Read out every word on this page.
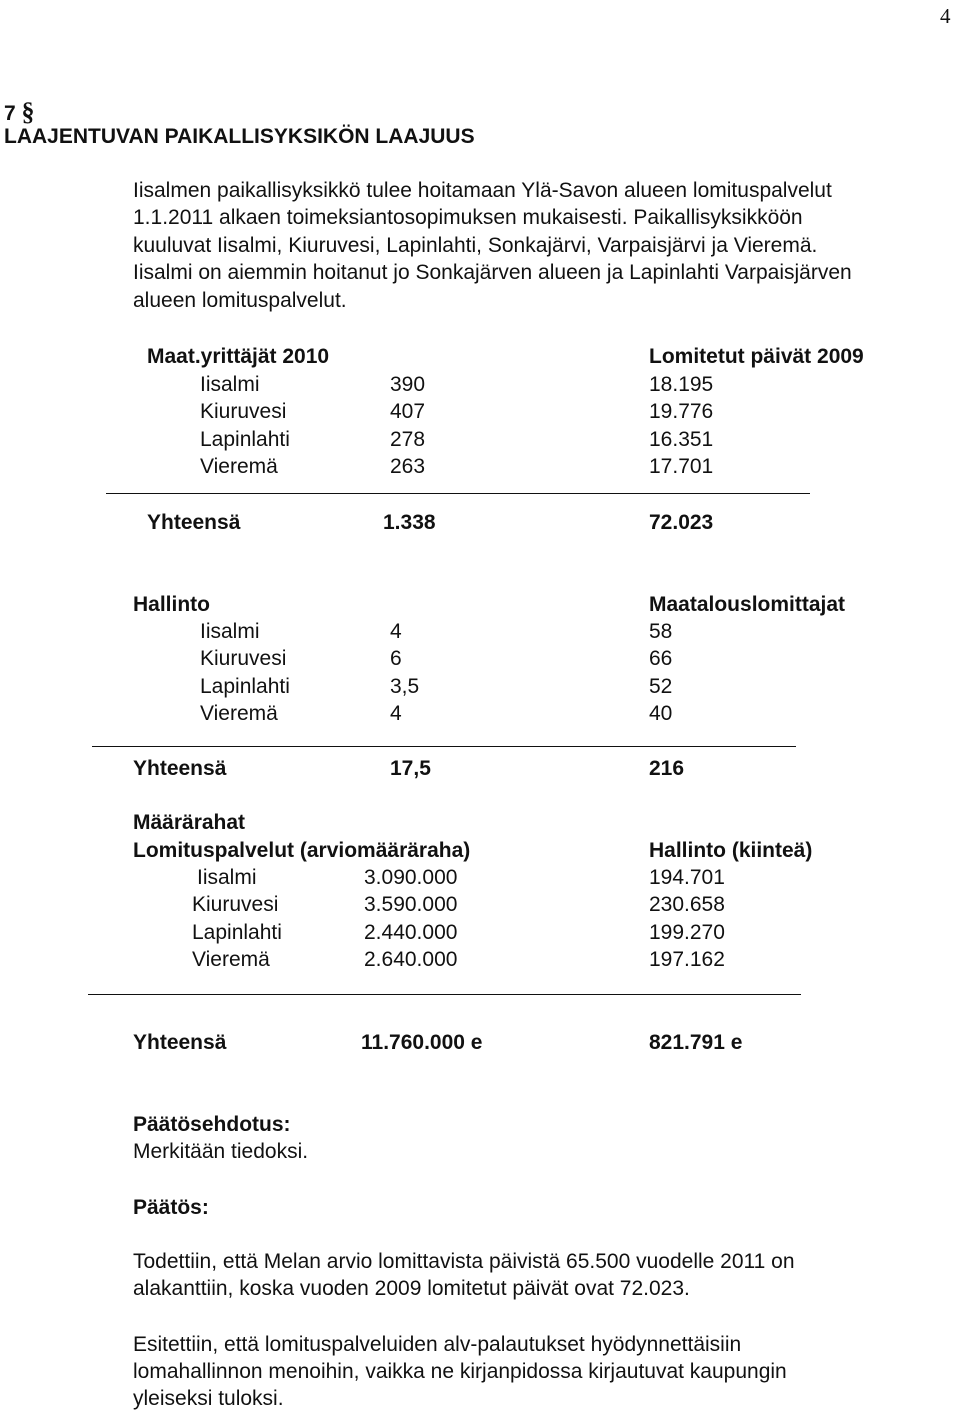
4
7 §
LAAJENTUVAN PAIKALLISYKSIKÖN LAAJUUS
Iisalmen paikallisyksikkö tulee hoitamaan Ylä-Savon alueen lomituspalvelut
1.1.2011 alkaen toimeksiantosopimuksen mukaisesti. Paikallisyksikköön
kuuluvat Iisalmi, Kiuruvesi, Lapinlahti, Sonkajärvi, Varpaisjärvi ja Vieremä.
Iisalmi on aiemmin hoitanut jo Sonkajärven alueen ja Lapinlahti Varpaisjärven
alueen lomituspalvelut.
Maat.yrittäjät 2010	Lomitetut päivät 2009
Iisalmi	390	18.195
Kiuruvesi	407	19.776
Lapinlahti	278	16.351
Vieremä	263	17.701
Yhteensä	1.338	72.023
Hallinto	Maatalouslomittajat
Iisalmi	4	58
Kiuruvesi	6	66
Lapinlahti	3,5	52
Vieremä	4	40
Yhteensä	17,5	216
Määrärahat
Lomituspalvelut (arviomääräraha)	Hallinto (kiinteä)
Iisalmi	3.090.000	194.701
Kiuruvesi	3.590.000	230.658
Lapinlahti	2.440.000	199.270
Vieremä	2.640.000	197.162
Yhteensä	11.760.000 e	821.791 e
Päätösehdotus:
Merkitään tiedoksi.
Päätös:
Todettiin, että Melan arvio lomittavista päivistä 65.500 vuodelle 2011 on
alakanttiin, koska vuoden 2009 lomitetut päivät ovat 72.023.
Esitettiin, että lomituspalveluiden alv-palautukset hyödynnettäisiin
lomahallinnon menoihin, vaikka ne kirjanpidossa kirjautuvat kaupungin
yleiseksi tuloksi.
